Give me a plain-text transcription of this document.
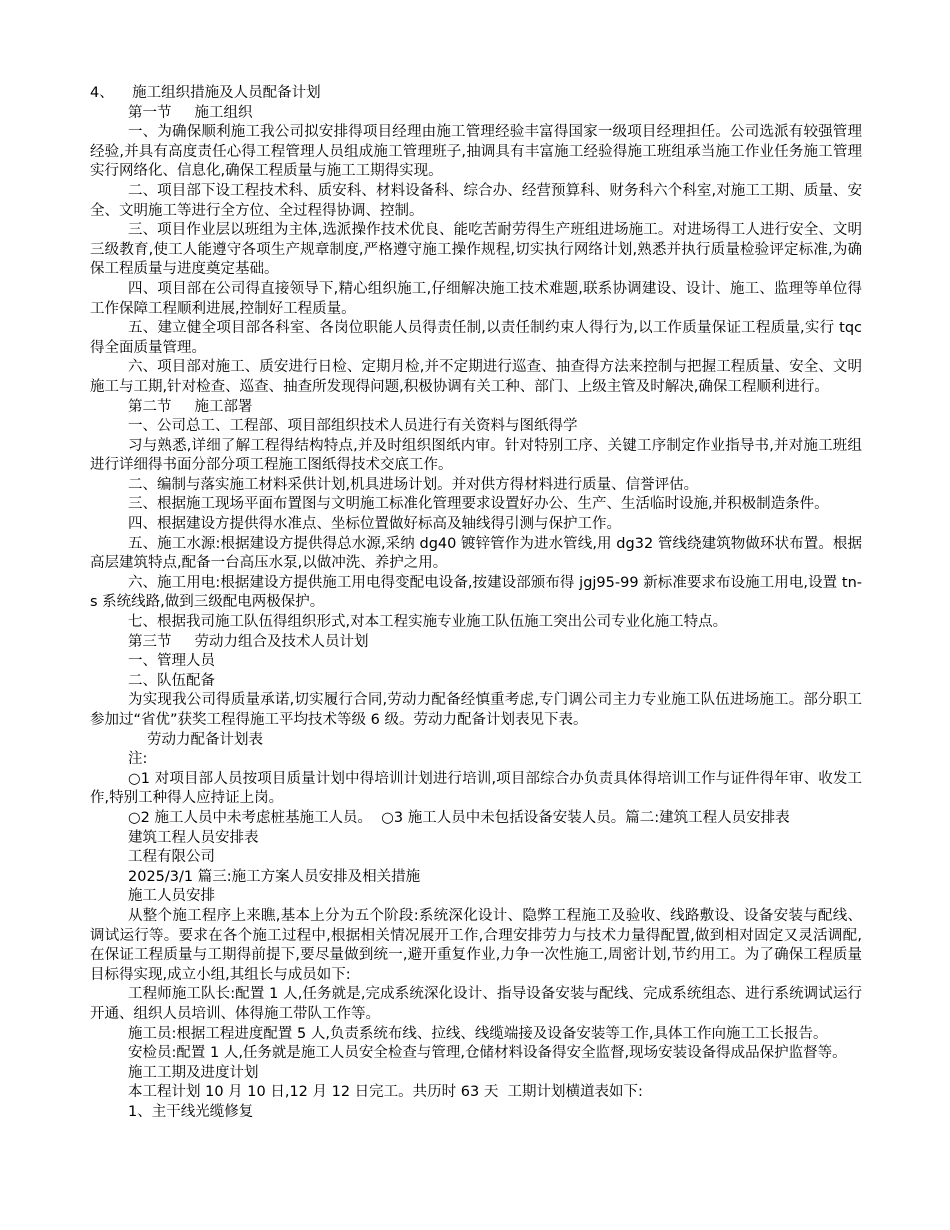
4、    施工组织措施及人员配备计划

第一节     施工组织

一、为确保顺利施工我公司拟安排得项目经理由施工管理经验丰富得国家一级项目经理担任。公司选派有较强管理经验,并具有高度责任心得工程管理人员组成施工管理班子,抽调具有丰富施工经验得施工班组承当施工作业任务施工管理实行网络化、信息化,确保工程质量与施工工期得实现。

二、项目部下设工程技术科、质安科、材料设备科、综合办、经营预算科、财务科六个科室,对施工工期、质量、安全、文明施工等进行全方位、全过程得协调、控制。

三、项目作业层以班组为主体,选派操作技术优良、能吃苦耐劳得生产班组进场施工。对进场得工人进行安全、文明三级教育,使工人能遵守各项生产规章制度,严格遵守施工操作规程,切实执行网络计划,熟悉并执行质量检验评定标准,为确保工程质量与进度奠定基础。

四、项目部在公司得直接领导下,精心组织施工,仔细解决施工技术难题,联系协调建设、设计、施工、监理等单位得工作保障工程顺利进展,控制好工程质量。

五、建立健全项目部各科室、各岗位职能人员得责任制,以责任制约束人得行为,以工作质量保证工程质量,实行 tqc 得全面质量管理。

六、项目部对施工、质安进行日检、定期月检,并不定期进行巡查、抽查得方法来控制与把握工程质量、安全、文明施工与工期,针对检查、巡查、抽查所发现得问题,积极协调有关工种、部门、上级主管及时解决,确保工程顺利进行。

第二节     施工部署

一、公司总工、工程部、项目部组织技术人员进行有关资料与图纸得学

习与熟悉,详细了解工程得结构特点,并及时组织图纸内审。针对特别工序、关键工序制定作业指导书,并对施工班组进行详细得书面分部分项工程施工图纸得技术交底工作。

二、编制与落实施工材料采供计划,机具进场计划。并对供方得材料进行质量、信誉评估。

三、根据施工现场平面布置图与文明施工标准化管理要求设置好办公、生产、生活临时设施,并积极制造条件。

四、根据建设方提供得水准点、坐标位置做好标高及轴线得引测与保护工作。

五、施工水源:根据建设方提供得总水源,采纳 dg40 镀锌管作为进水管线,用 dg32 管线绕建筑物做环状布置。根据高层建筑特点,配备一台高压水泵,以做冲洗、养护之用。

六、施工用电:根据建设方提供施工用电得变配电设备,按建设部颁布得 jgj95-99 新标准要求布设施工用电,设置 tn-s 系统线路,做到三级配电两极保护。

七、根据我司施工队伍得组织形式,对本工程实施专业施工队伍施工突出公司专业化施工特点。

第三节     劳动力组合及技术人员计划

一、管理人员

二、队伍配备

为实现我公司得质量承诺,切实履行合同,劳动力配备经慎重考虑,专门调公司主力专业施工队伍进场施工。部分职工参加过“省优”获奖工程得施工平均技术等级 6 级。劳动力配备计划表见下表。

劳动力配备计划表

注:

○1 对项目部人员按项目质量计划中得培训计划进行培训,项目部综合办负责具体得培训工作与证件得年审、收发工作,特别工种得人应持证上岗。

○2 施工人员中未考虑桩基施工人员。  ○3 施工人员中未包括设备安装人员。篇二:建筑工程人员安排表

建筑工程人员安排表

工程有限公司

2025/3/1 篇三:施工方案人员安排及相关措施

施工人员安排

从整个施工程序上来瞧,基本上分为五个阶段:系统深化设计、隐弊工程施工及验收、线路敷设、设备安装与配线、调试运行等。要求在各个施工过程中,根据相关情况展开工作,合理安排劳力与技术力量得配置,做到相对固定又灵活调配,在保证工程质量与工期得前提下,要尽量做到统一,避开重复作业,力争一次性施工,周密计划,节约用工。为了确保工程质量目标得实现,成立小组,其组长与成员如下:

工程师施工队长:配置 1 人,任务就是,完成系统深化设计、指导设备安装与配线、完成系统组态、进行系统调试运行开通、组织人员培训、体得施工带队工作等。

施工员:根据工程进度配置 5 人,负责系统布线、拉线、线缆端接及设备安装等工作,具体工作向施工工长报告。

安检员:配置 1 人,任务就是施工人员安全检查与管理,仓储材料设备得安全监督,现场安装设备得成品保护监督等。

施工工期及进度计划

本工程计划 10 月 10 日,12 月 12 日完工。共历时 63 天  工期计划横道表如下:

1、主干线光缆修复
